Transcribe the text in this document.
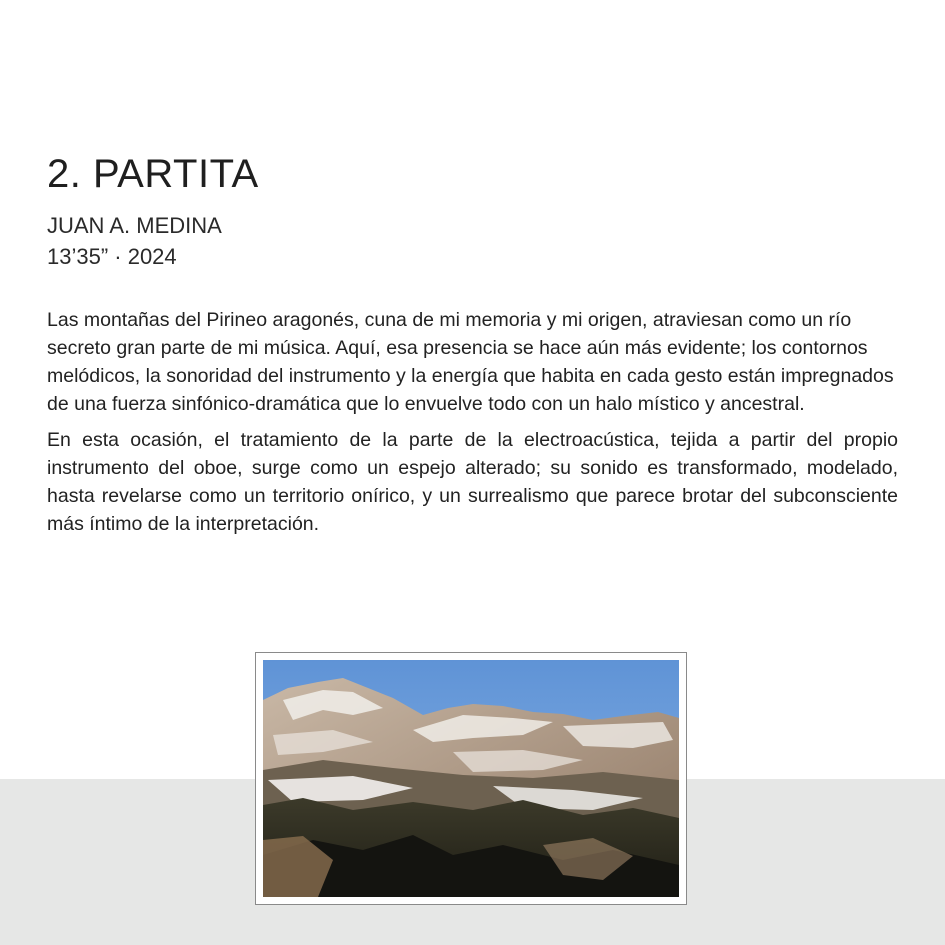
2. PARTITA
JUAN A. MEDINA
13’35” · 2024

Las montañas del Pirineo aragonés, cuna de mi memoria y mi origen, atraviesan como un río secreto gran parte de mi música. Aquí, esa presencia se hace aún más evidente; los contornos melódicos, la sonoridad del instrumento y la energía que habita en cada gesto están impregnados de una fuerza sinfónico-dramática que lo envuelve todo con un halo místico y ancestral.

En esta ocasión, el tratamiento de la parte de la electroacústica, tejida a partir del propio instrumento del oboe, surge como un espejo alterado; su sonido es transformado, modelado, hasta revelarse como un territorio onírico, y un surrealismo que parece brotar del subconsciente más íntimo de la interpretación.
